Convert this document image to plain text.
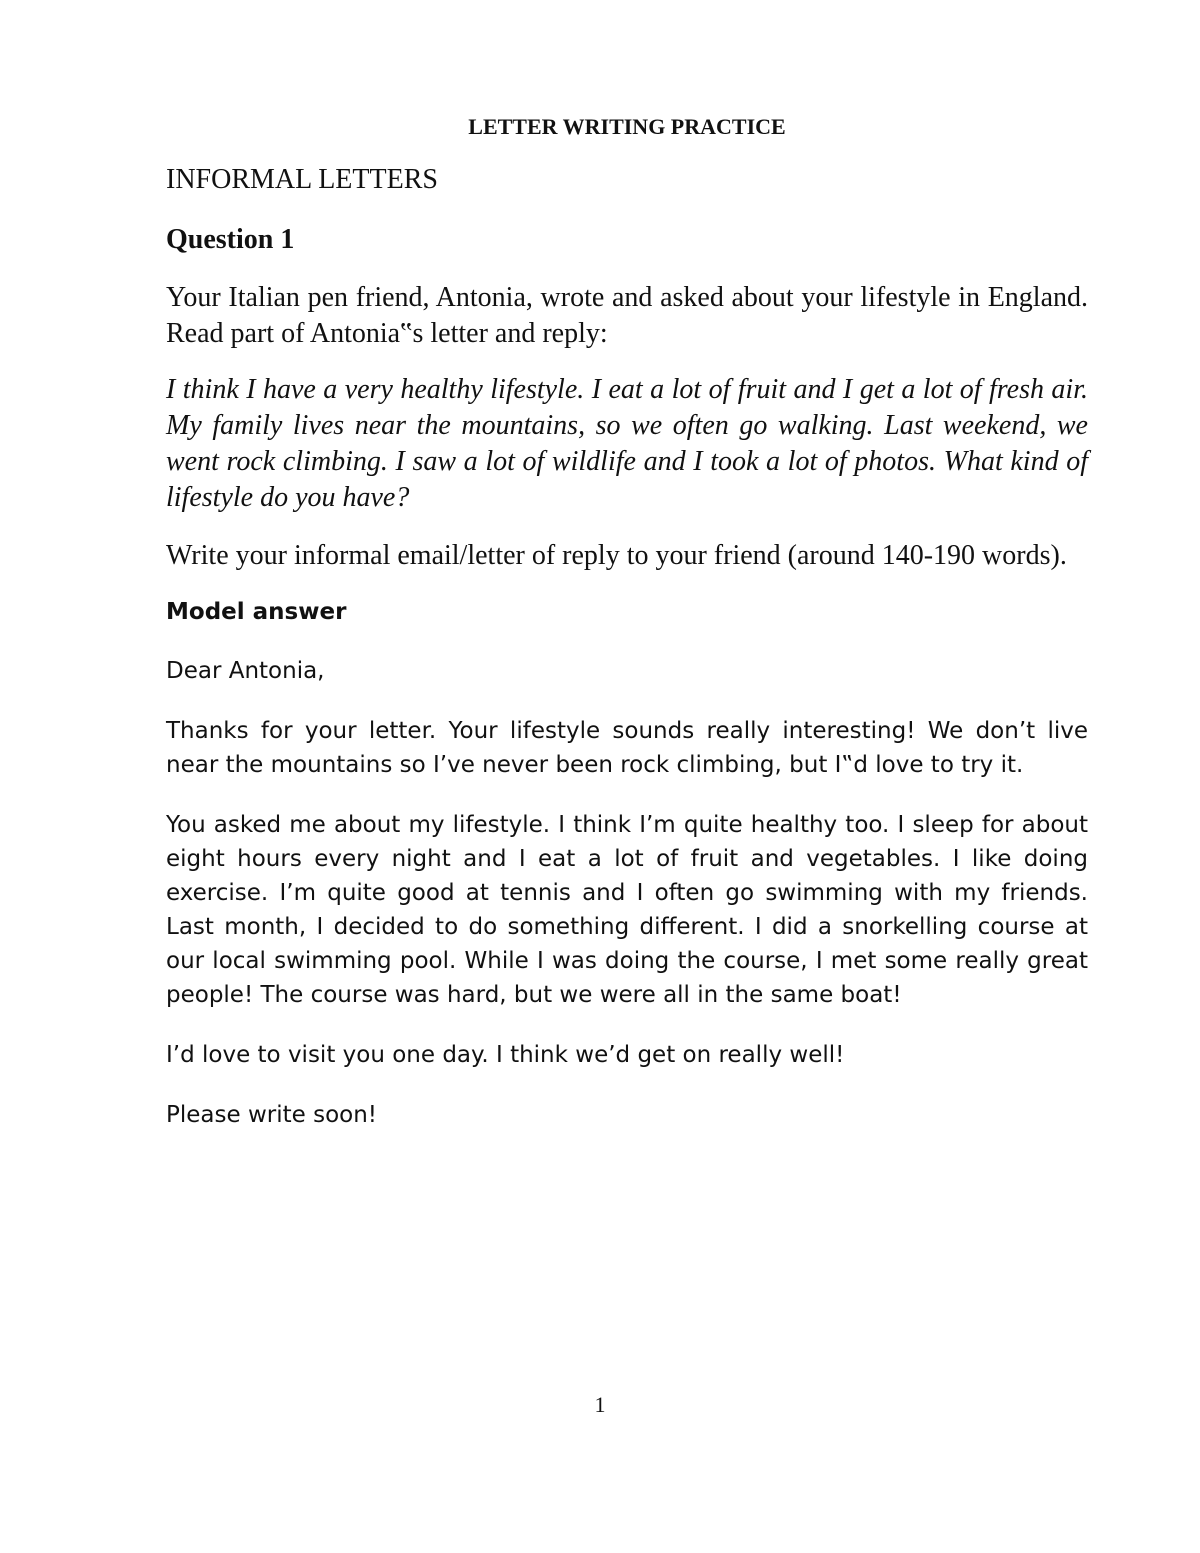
LETTER WRITING PRACTICE
INFORMAL LETTERS
Question 1

Your Italian pen friend, Antonia, wrote and asked about your lifestyle in England. Read part of Antonia‟s letter and reply:

I think I have a very healthy lifestyle. I eat a lot of fruit and I get a lot of fresh air. My family lives near the mountains, so we often go walking. Last weekend, we went rock climbing. I saw a lot of wildlife and I took a lot of photos. What kind of lifestyle do you have?

Write your informal email/letter of reply to your friend (around 140-190 words).

Model answer

Dear Antonia,

Thanks for your letter. Your lifestyle sounds really interesting! We don’t live near the mountains so I’ve never been rock climbing, but I‟d love to try it.

You asked me about my lifestyle. I think I’m quite healthy too. I sleep for about eight hours every night and I eat a lot of fruit and vegetables. I like doing exercise. I’m quite good at tennis and I often go swimming with my friends. Last month, I decided to do something different. I did a snorkelling course at our local swimming pool. While I was doing the course, I met some really great people! The course was hard, but we were all in the same boat!

I’d love to visit you one day. I think we’d get on really well!

Please write soon!

1
